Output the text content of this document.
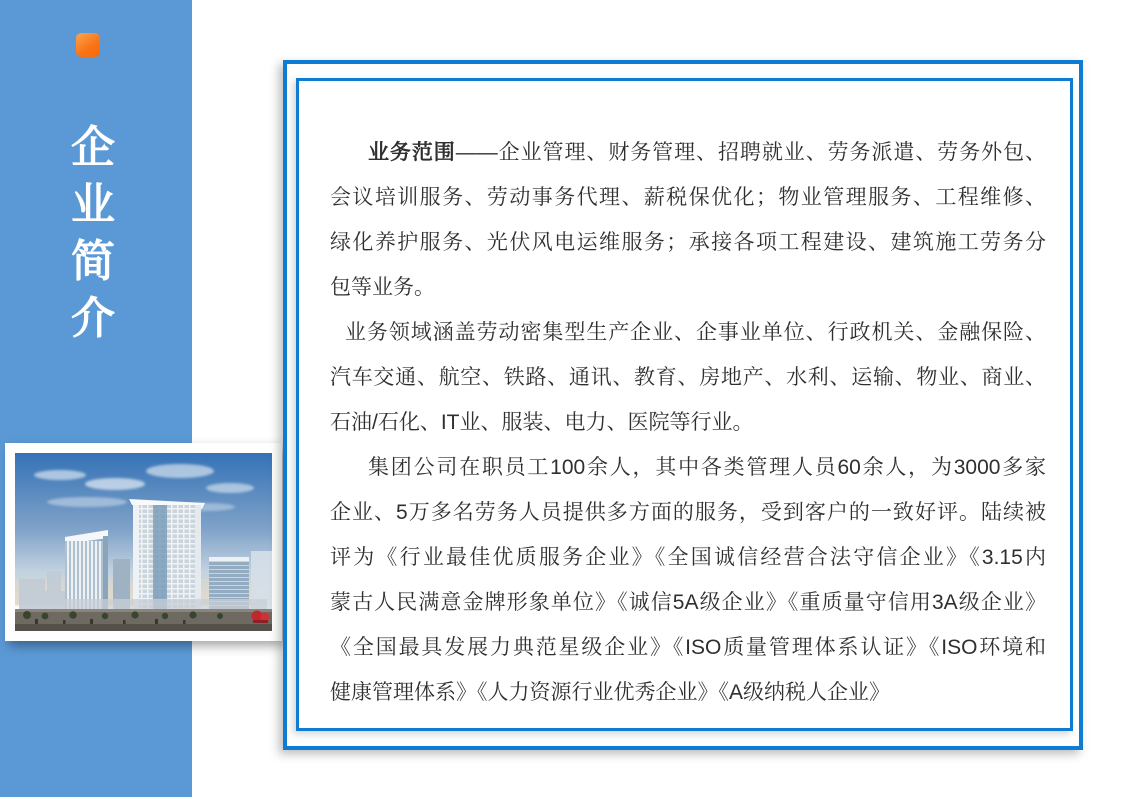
企
业
简
介
业务范围——企业管理、财务管理、招聘就业、劳务派遣、劳务外包、
会议培训服务、劳动事务代理、薪税保优化；物业管理服务、工程维修、
绿化养护服务、光伏风电运维服务；承接各项工程建设、建筑施工劳务分
包等业务。
业务领域涵盖劳动密集型生产企业、企事业单位、行政机关、金融保险、
汽车交通、航空、铁路、通讯、教育、房地产、水利、运输、物业、商业、
石油/石化、IT业、服装、电力、医院等行业。
集团公司在职员工100余人，其中各类管理人员60余人，为3000多家
企业、5万多名劳务人员提供多方面的服务，受到客户的一致好评。陆续被
评为《行业最佳优质服务企业》《全国诚信经营合法守信企业》《3.15内
蒙古人民满意金牌形象单位》《诚信5A级企业》《重质量守信用3A级企业》
《全国最具发展力典范星级企业》《ISO质量管理体系认证》《ISO环境和
健康管理体系》《人力资源行业优秀企业》《A级纳税人企业》
